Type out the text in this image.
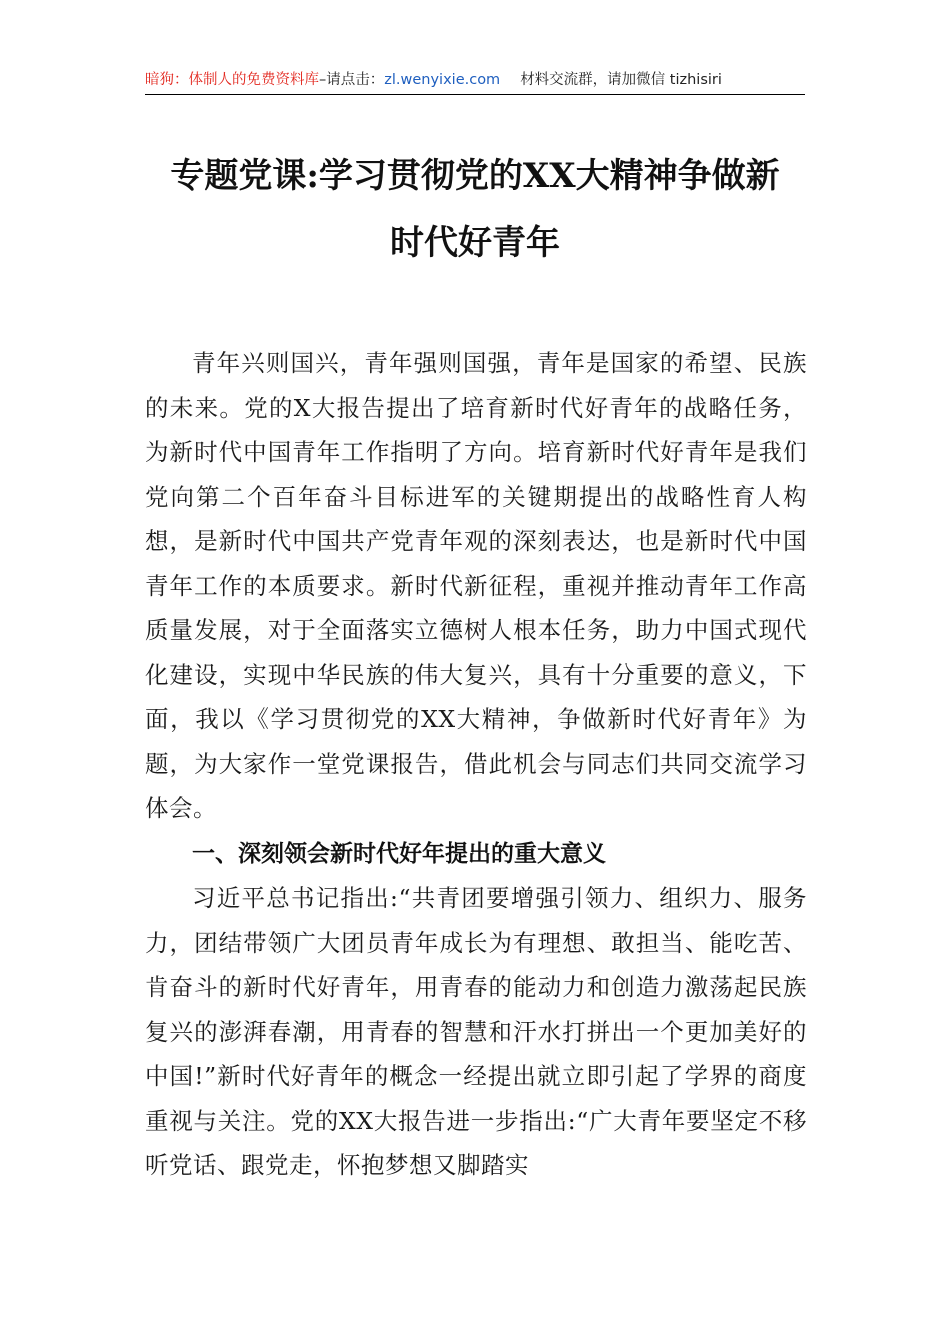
暗狗：体制人的免费资料库–请点击：zl.wenyixie.com 材料交流群，请加微信 tizhisiri
专题党课:学习贯彻党的XX大精神争做新
时代好青年

青年兴则国兴，青年强则国强，青年是国家的希望、民族的未来。党的X大报告提出了培育新时代好青年的战略任务，为新时代中国青年工作指明了方向。培育新时代好青年是我们党向第二个百年奋斗目标进军的关键期提出的战略性育人构想，是新时代中国共产党青年观的深刻表达，也是新时代中国青年工作的本质要求。新时代新征程，重视并推动青年工作高质量发展，对于全面落实立德树人根本任务，助力中国式现代化建设，实现中华民族的伟大复兴，具有十分重要的意义，下面，我以《学习贯彻党的XX大精神，争做新时代好青年》为题，为大家作一堂党课报告，借此机会与同志们共同交流学习体会。

一、深刻领会新时代好年提出的重大意义

习近平总书记指出:“共青团要增强引领力、组织力、服务力，团结带领广大团员青年成长为有理想、敢担当、能吃苦、肯奋斗的新时代好青年，用青春的能动力和创造力激荡起民族复兴的澎湃春潮，用青春的智慧和汗水打拼出一个更加美好的中国!”新时代好青年的概念一经提出就立即引起了学界的商度重视与关注。党的XX大报告进一步指出:“广大青年要坚定不移听党话、跟党走，怀抱梦想又脚踏实
